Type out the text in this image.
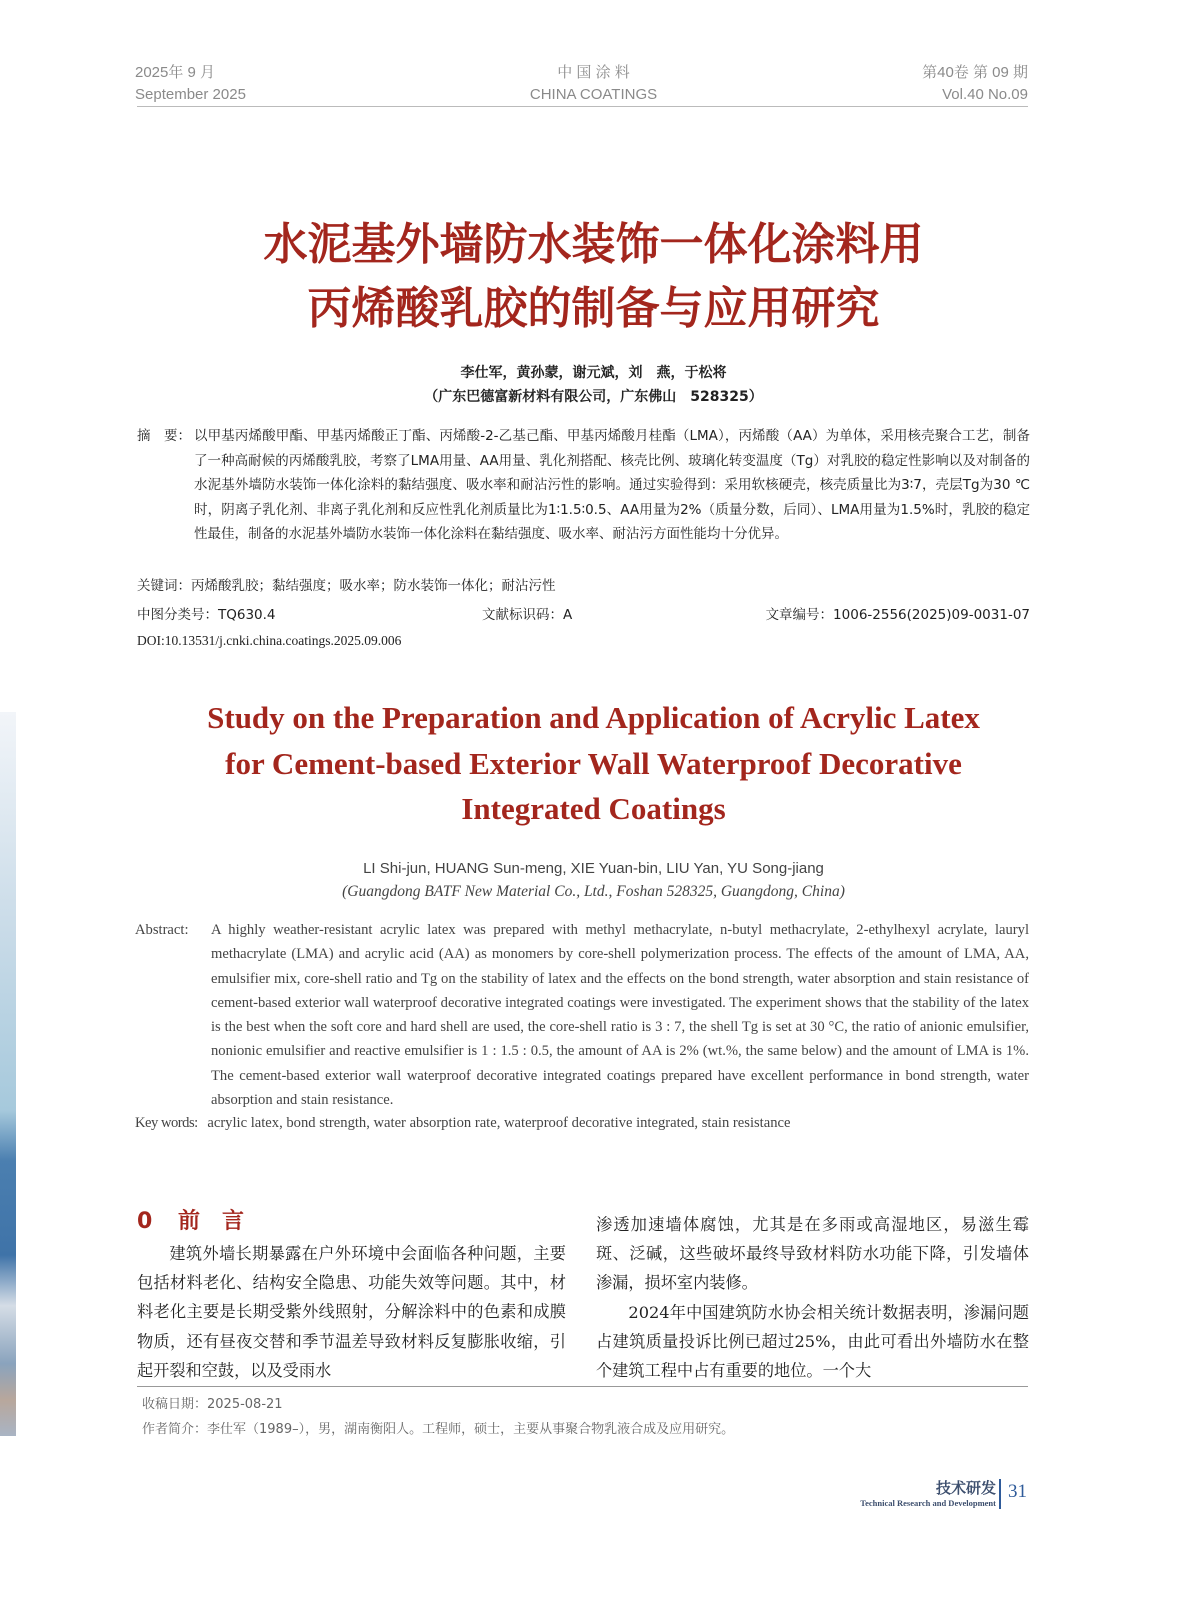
2025年 9 月
September 2025
中 国 涂 料
CHINA COATINGS
第40卷 第 09 期
Vol.40 No.09
水泥基外墙防水装饰一体化涂料用
丙烯酸乳胶的制备与应用研究
李仕军，黄孙蒙，谢元斌，刘　燕，于松将
（广东巴德富新材料有限公司，广东佛山　528325）
摘　要： 以甲基丙烯酸甲酯、甲基丙烯酸正丁酯、丙烯酸-2-乙基己酯、甲基丙烯酸月桂酯（LMA），丙烯酸（AA）为单体，采用核壳聚合工艺，制备了一种高耐候的丙烯酸乳胶，考察了LMA用量、AA用量、乳化剂搭配、核壳比例、玻璃化转变温度（Tg）对乳胶的稳定性影响以及对制备的水泥基外墙防水装饰一体化涂料的黏结强度、吸水率和耐沾污性的影响。通过实验得到：采用软核硬壳，核壳质量比为3∶7，壳层Tg为30 ℃时，阴离子乳化剂、非离子乳化剂和反应性乳化剂质量比为1∶1.5∶0.5、AA用量为2%（质量分数，后同）、LMA用量为1.5%时，乳胶的稳定性最佳，制备的水泥基外墙防水装饰一体化涂料在黏结强度、吸水率、耐沾污方面性能均十分优异。
关键词：丙烯酸乳胶；黏结强度；吸水率；防水装饰一体化；耐沾污性
中图分类号：TQ630.4	文献标识码：A	文章编号：1006-2556(2025)09-0031-07
DOI:10.13531/j.cnki.china.coatings.2025.09.006
Study on the Preparation and Application of Acrylic Latex
for Cement-based Exterior Wall Waterproof Decorative
Integrated Coatings
LI Shi-jun, HUANG Sun-meng, XIE Yuan-bin, LIU Yan, YU Song-jiang
(Guangdong BATF New Material Co., Ltd., Foshan 528325, Guangdong, China)
Abstract: A highly weather-resistant acrylic latex was prepared with methyl methacrylate, n-butyl methacrylate, 2-ethylhexyl acrylate, lauryl methacrylate (LMA) and acrylic acid (AA) as monomers by core-shell polymerization process. The effects of the amount of LMA, AA, emulsifier mix, core-shell ratio and Tg on the stability of latex and the effects on the bond strength, water absorption and stain resistance of cement-based exterior wall waterproof decorative integrated coatings were investigated. The experiment shows that the stability of the latex is the best when the soft core and hard shell are used, the core-shell ratio is 3 : 7, the shell Tg is set at 30 °C, the ratio of anionic emulsifier, nonionic emulsifier and reactive emulsifier is 1 : 1.5 : 0.5, the amount of AA is 2% (wt.%, the same below) and the amount of LMA is 1%. The cement-based exterior wall waterproof decorative integrated coatings prepared have excellent performance in bond strength, water absorption and stain resistance.
Key words: acrylic latex, bond strength, water absorption rate, waterproof decorative integrated, stain resistance
0 前　言
建筑外墙长期暴露在户外环境中会面临各种问题，主要包括材料老化、结构安全隐患、功能失效等问题。其中，材料老化主要是长期受紫外线照射，分解涂料中的色素和成膜物质，还有昼夜交替和季节温差导致材料反复膨胀收缩，引起开裂和空鼓，以及受雨水
渗透加速墙体腐蚀，尤其是在多雨或高湿地区，易滋生霉斑、泛碱，这些破坏最终导致材料防水功能下降，引发墙体渗漏，损坏室内装修。
2024年中国建筑防水协会相关统计数据表明，渗漏问题占建筑质量投诉比例已超过25%，由此可看出外墙防水在整个建筑工程中占有重要的地位。一个大
收稿日期：2025-08-21
作者简介：李仕军（1989–），男，湖南衡阳人。工程师，硕士，主要从事聚合物乳液合成及应用研究。
技术研发
Technical Research and Development
31
